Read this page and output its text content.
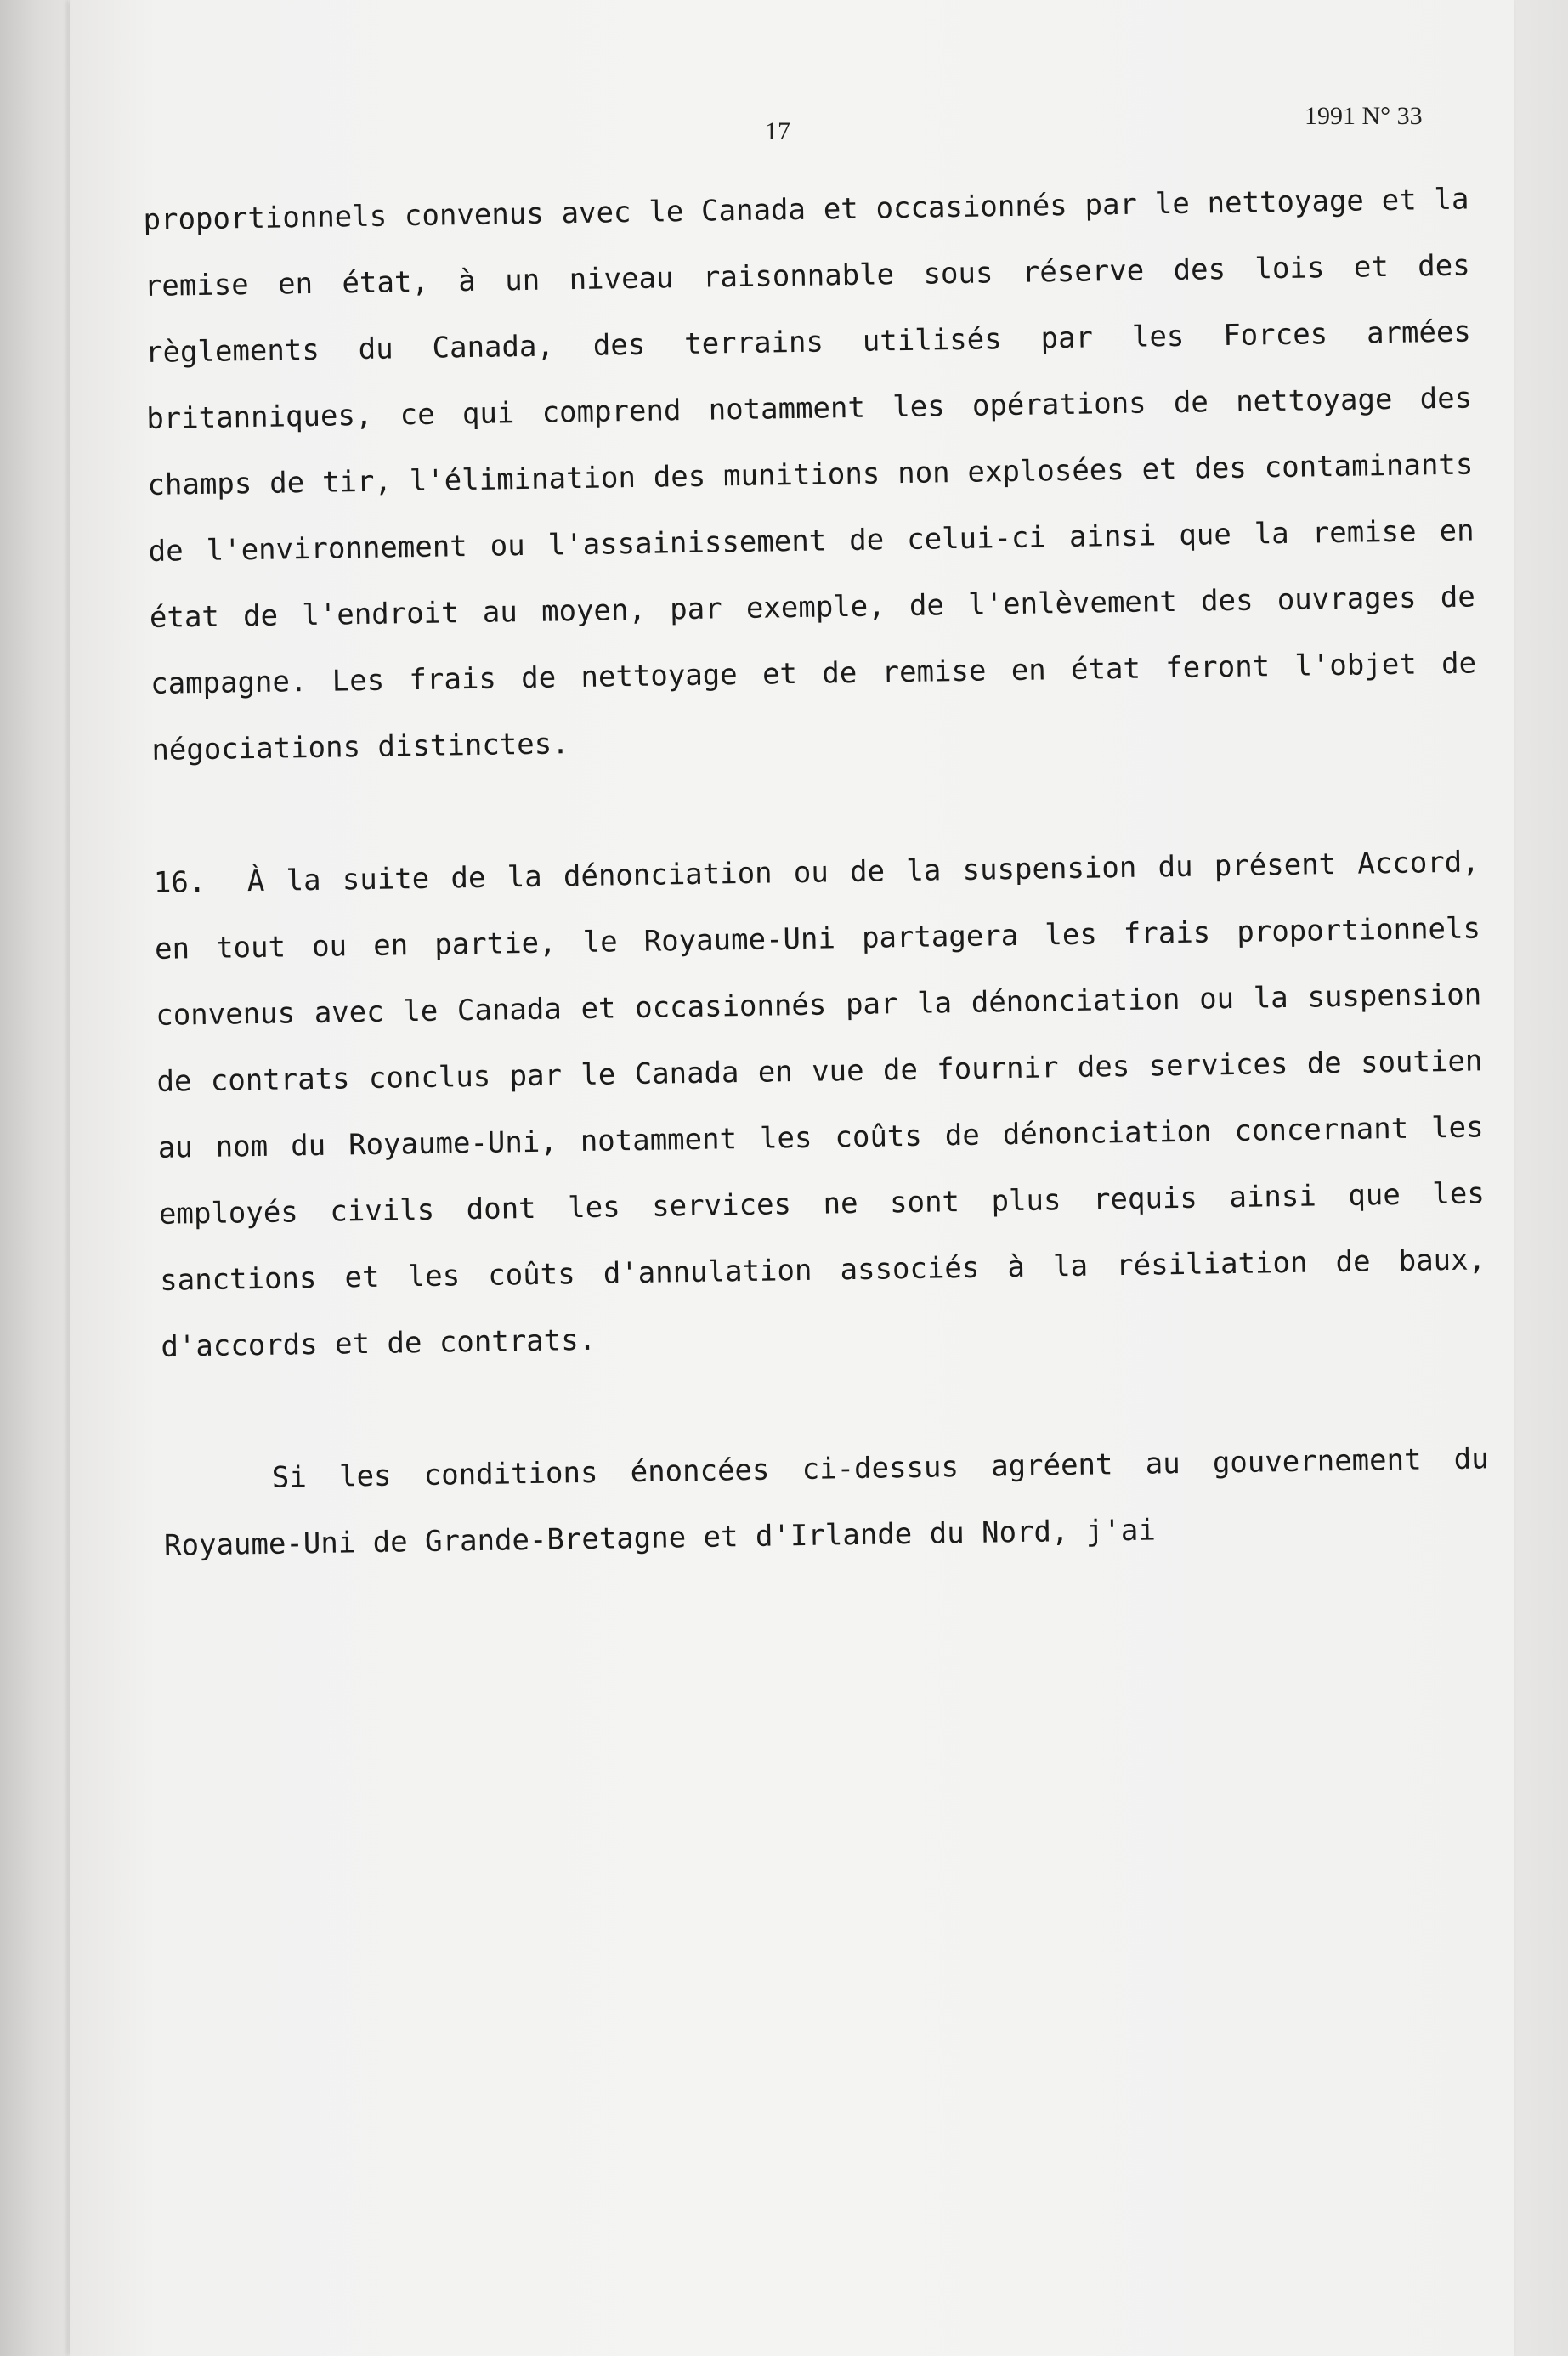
17
1991 N° 33

proportionnels convenus avec le Canada et occasionnés par le nettoyage et la remise en état, à un niveau raisonnable sous réserve des lois et des règlements du Canada, des terrains utilisés par les Forces armées britanniques, ce qui comprend notamment les opérations de nettoyage des champs de tir, l'élimination des munitions non explosées et des contaminants de l'environnement ou l'assainissement de celui-ci ainsi que la remise en état de l'endroit au moyen, par exemple, de l'enlèvement des ouvrages de campagne. Les frais de nettoyage et de remise en état feront l'objet de négociations distinctes.

16. À la suite de la dénonciation ou de la suspension du présent Accord, en tout ou en partie, le Royaume-Uni partagera les frais proportionnels convenus avec le Canada et occasionnés par la dénonciation ou la suspension de contrats conclus par le Canada en vue de fournir des services de soutien au nom du Royaume-Uni, notamment les coûts de dénonciation concernant les employés civils dont les services ne sont plus requis ainsi que les sanctions et les coûts d'annulation associés à la résiliation de baux, d'accords et de contrats.

Si les conditions énoncées ci-dessus agréent au gouvernement du Royaume-Uni de Grande-Bretagne et d'Irlande du Nord, j'ai
